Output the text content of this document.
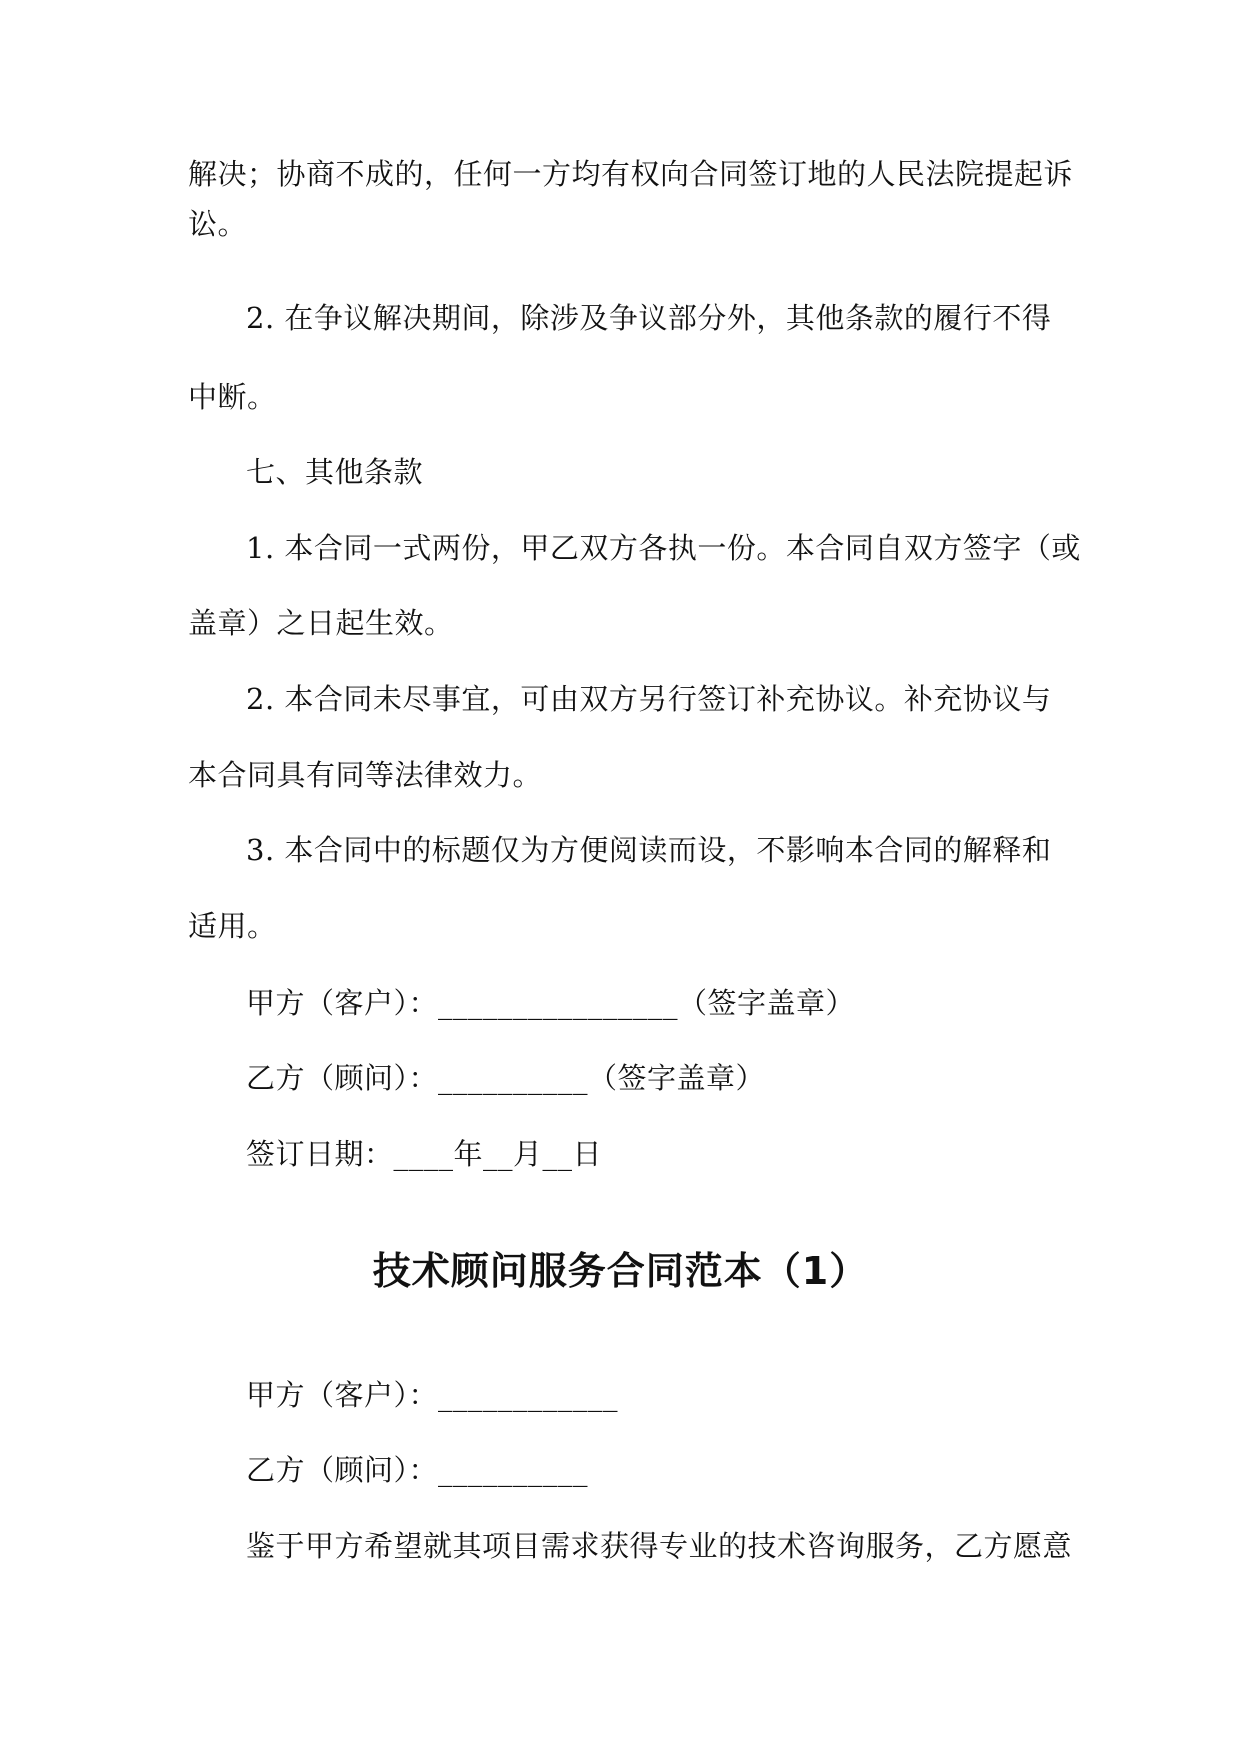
解决；协商不成的，任何一方均有权向合同签订地的人民法院提起诉
讼。
2. 在争议解决期间，除涉及争议部分外，其他条款的履行不得
中断。
七、其他条款
1. 本合同一式两份，甲乙双方各执一份。本合同自双方签字（或
盖章）之日起生效。
2. 本合同未尽事宜，可由双方另行签订补充协议。补充协议与
本合同具有同等法律效力。
3. 本合同中的标题仅为方便阅读而设，不影响本合同的解释和
适用。
甲方（客户）：________________（签字盖章）
乙方（顾问）：__________（签字盖章）
签订日期：____年__月__日
技术顾问服务合同范本（1）
甲方（客户）：____________
乙方（顾问）：__________
鉴于甲方希望就其项目需求获得专业的技术咨询服务，乙方愿意
